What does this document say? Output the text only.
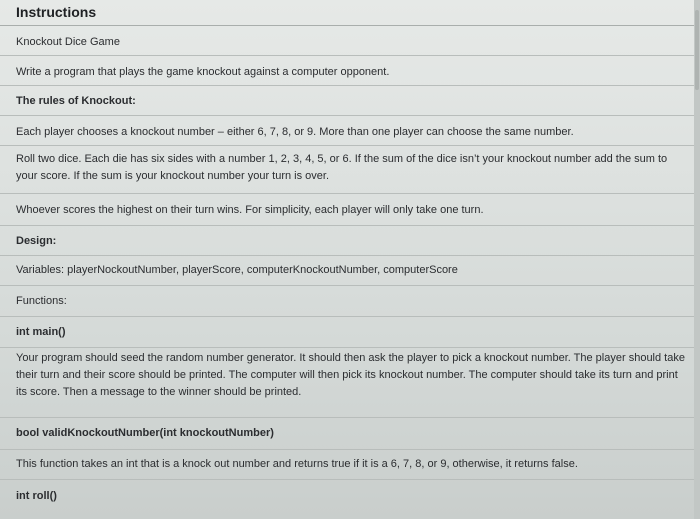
Instructions
Knockout Dice Game
Write a program that plays the game knockout against a computer opponent.
The rules of Knockout:
Each player chooses a knockout number – either 6, 7, 8, or 9. More than one player can choose the same number.
Roll two dice. Each die has six sides with a number 1, 2, 3, 4, 5, or 6. If the sum of the dice isn’t your knockout number add the sum to your score. If the sum is your knockout number your turn is over.
Whoever scores the highest on their turn wins. For simplicity, each player will only take one turn.
Design:
Variables: playerNockoutNumber, playerScore, computerKnockoutNumber, computerScore
Functions:
int main()
Your program should seed the random number generator. It should then ask the player to pick a knockout number. The player should take their turn and their score should be printed. The computer will then pick its knockout number. The computer should take its turn and print its score. Then a message to the winner should be printed.
bool validKnockoutNumber(int knockoutNumber)
This function takes an int that is a knock out number and returns true if it is a 6, 7, 8, or 9, otherwise, it returns false.
int roll()
